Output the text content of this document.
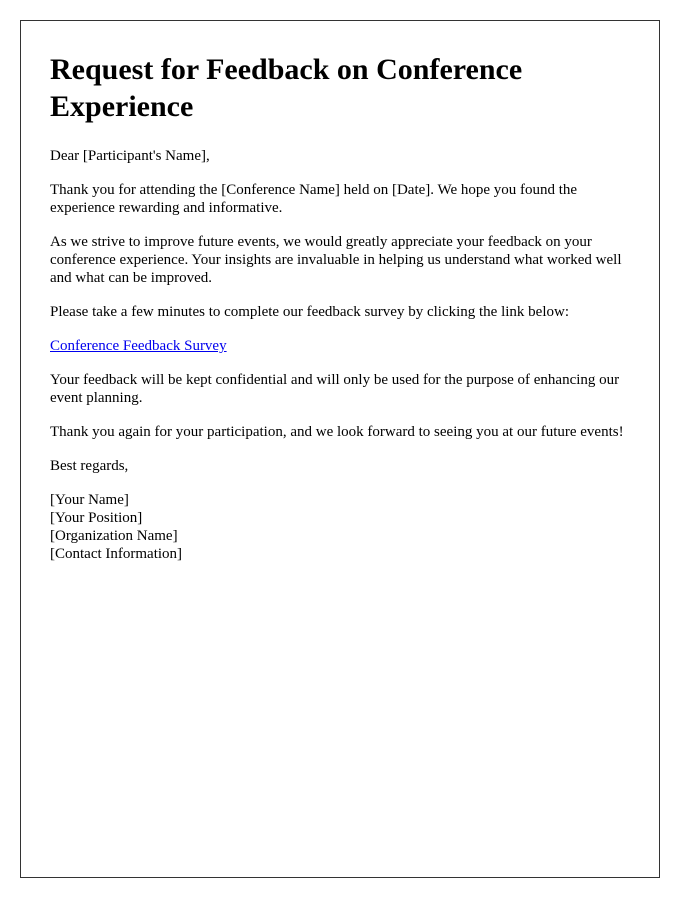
Request for Feedback on Conference Experience

Dear [Participant's Name],

Thank you for attending the [Conference Name] held on [Date]. We hope you found the experience rewarding and informative.

As we strive to improve future events, we would greatly appreciate your feedback on your conference experience. Your insights are invaluable in helping us understand what worked well and what can be improved.

Please take a few minutes to complete our feedback survey by clicking the link below:

Conference Feedback Survey

Your feedback will be kept confidential and will only be used for the purpose of enhancing our event planning.

Thank you again for your participation, and we look forward to seeing you at our future events!

Best regards,

[Your Name]
[Your Position]
[Organization Name]
[Contact Information]
